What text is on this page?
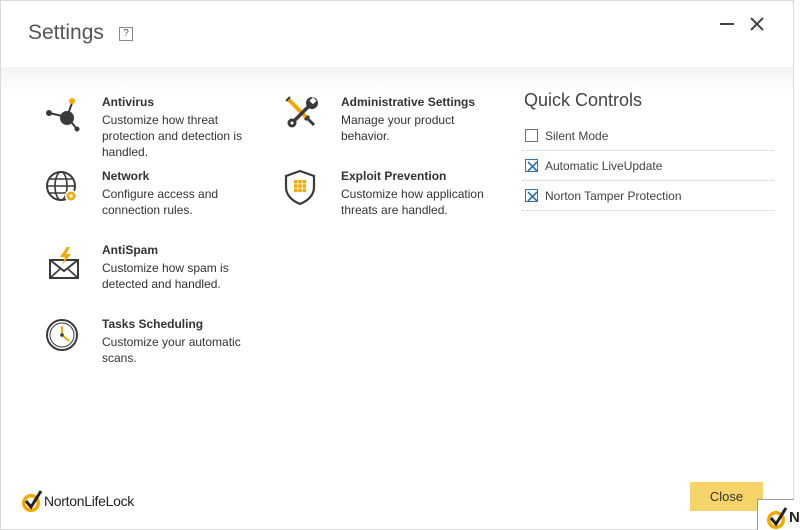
Settings	?
Antivirus
Customize how threat protection and detection is handled.
Network
Configure access and connection rules.
AntiSpam
Customize how spam is detected and handled.
Tasks Scheduling
Customize your automatic scans.
Administrative Settings
Manage your product behavior.
Exploit Prevention
Customize how application threats are handled.
Quick Controls
Silent Mode
Automatic LiveUpdate
Norton Tamper Protection
NortonLifeLock	Close
N
